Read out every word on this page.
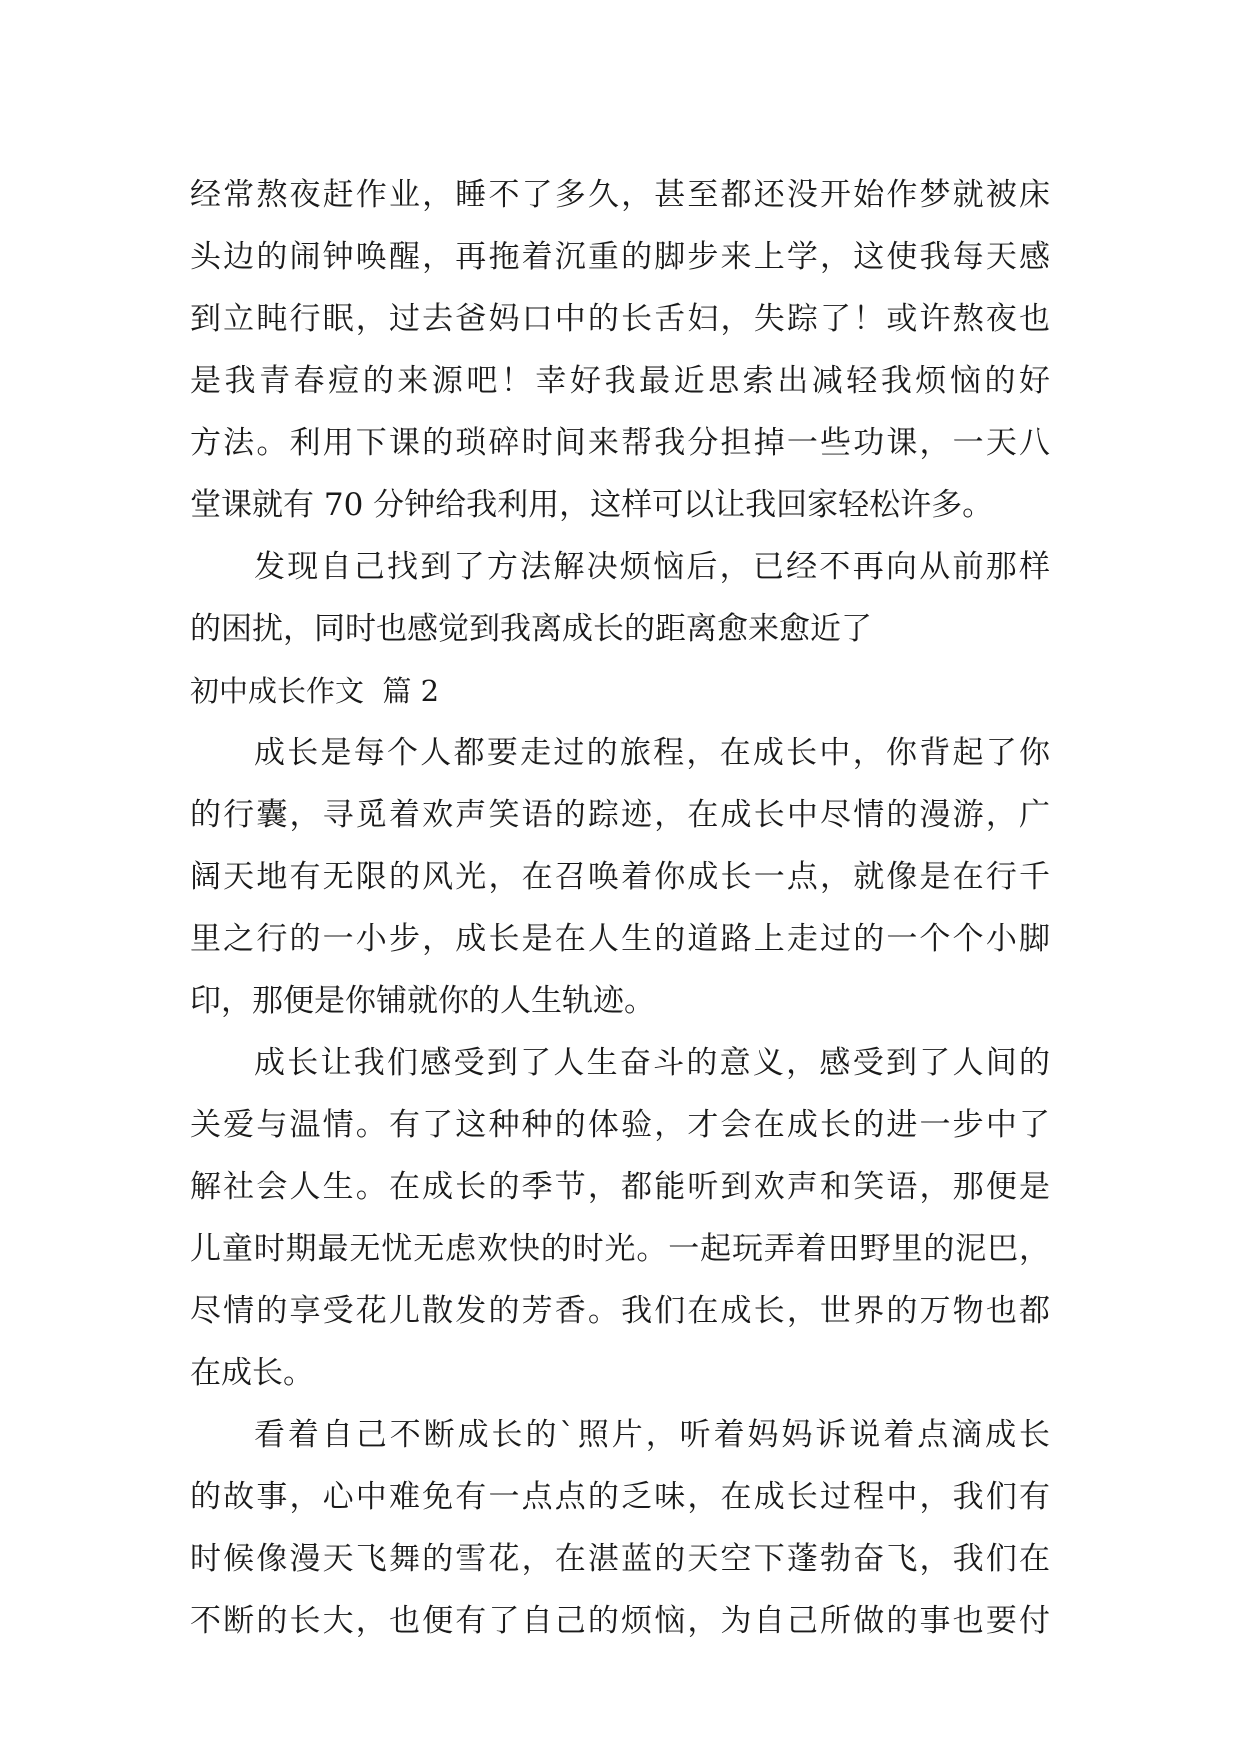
经常熬夜赶作业，睡不了多久，甚至都还没开始作梦就被床
头边的闹钟唤醒，再拖着沉重的脚步来上学，这使我每天感
到立盹行眠，过去爸妈口中的长舌妇，失踪了！或许熬夜也
是我青春痘的来源吧！幸好我最近思索出减轻我烦恼的好
方法。利用下课的琐碎时间来帮我分担掉一些功课，一天八
堂课就有 70 分钟给我利用，这样可以让我回家轻松许多。
发现自己找到了方法解决烦恼后，已经不再向从前那样
的困扰，同时也感觉到我离成长的距离愈来愈近了
初中成长作文  篇 2
成长是每个人都要走过的旅程，在成长中，你背起了你
的行囊，寻觅着欢声笑语的踪迹，在成长中尽情的漫游，广
阔天地有无限的风光，在召唤着你成长一点，就像是在行千
里之行的一小步，成长是在人生的道路上走过的一个个小脚
印，那便是你铺就你的人生轨迹。
成长让我们感受到了人生奋斗的意义，感受到了人间的
关爱与温情。有了这种种的体验，才会在成长的进一步中了
解社会人生。在成长的季节，都能听到欢声和笑语，那便是
儿童时期最无忧无虑欢快的时光。一起玩弄着田野里的泥巴，
尽情的享受花儿散发的芳香。我们在成长，世界的万物也都
在成长。
看着自己不断成长的`照片，听着妈妈诉说着点滴成长
的故事，心中难免有一点点的乏味，在成长过程中，我们有
时候像漫天飞舞的雪花，在湛蓝的天空下蓬勃奋飞，我们在
不断的长大，也便有了自己的烦恼，为自己所做的事也要付
